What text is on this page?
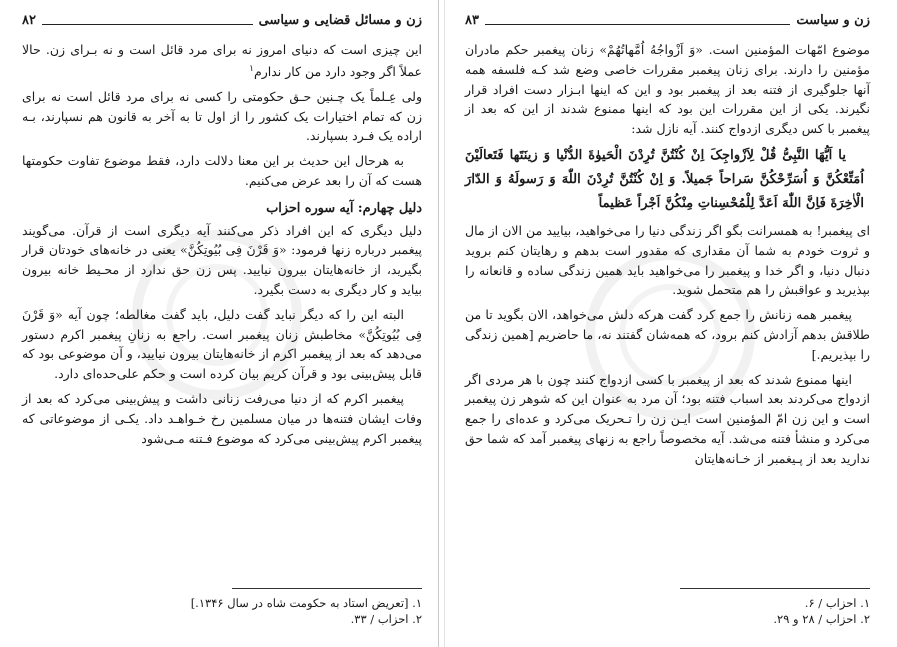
زن و مسائل قضایی و سیاسی
۸۲

این چیزی است که دنیای امروز نه برای مرد قائل است و نه بـرای زن. حالا عملاً اگر وجود دارد من کار ندارم$^۱$

ولی عِـلماً یک چـنین حـق حکومتی را کسی نه برای مرد قائل است نه برای زن که تمام اختیارات یک کشور را از اول تا به آخر به قانون هم نسپارند، بـه اراده یک فـرد بسپارند.

به هرحال این حدیث بر این معنا دلالت دارد، فقط موضوع تفاوت حکومتها هست که آن را بعد عرض می‌کنیم.

دلیل چهارم: آیه سوره احزاب

دلیل دیگری که این افراد ذکر می‌کنند آیه دیگری است از قرآن. می‌گویند پیغمبر درباره زنها فرمود: «وَ قَرْنَ فِی بُیُوتِکُنَّ» یعنی در خانه‌های خودتان قرار بگیرید، از خانه‌هایتان بیرون نیایید. پس زن حق ندارد از محـیط خانه بیرون بیاید و کار دیگری به دست بگیرد.

البته این را که دیگر نباید گفت دلیل، باید گفت مغالطه؛ چون آیه «وَ قَرْنَ فِی بُیُوتِکُنَّ» مخاطبش زنان پیغمبر است. راجع به زنانِ پیغمبر اکرم دستور می‌دهد که بعد از پیغمبر اکرم از خانه‌هایتان بیرون نیایید، و آن موضوعی بود که قابل پیش‌بینی بود و قرآن کریم بیان کرده است و حکم علی‌حده‌ای دارد.

پیغمبر اکرم که از دنیا می‌رفت زنانی داشت و پیش‌بینی می‌کرد که بعد از وفات ایشان فتنه‌ها در میان مسلمین رخ خـواهـد داد. یکـی از موضوعاتی که پیغمبر اکرم پیش‌بینی می‌کرد که موضوع فـتنه مـی‌شود

۱. [تعریض استاد به حکومت شاه در سال ۱۳۴۶.]
۲. احزاب / ۳۳.
زن و سیاست
۸۳

موضوع امّهات المؤمنین است. «وَ اَزْواجُهُ اُمَّهاتُهُمْ» زنان پیغمبر حکم مادران مؤمنین را دارند. برای زنان پیغمبر مقررات خاصی وضع شد کـه فلسفه همه آنها جلوگیری از فتنه بعد از پیغمبر بود و این که اینها ابـزار دست افراد قرار نگیرند. یکی از این مقررات این بود که اینها ممنوع شدند از این که بعد از پیغمبر با کس دیگری ازدواج کنند. آیه نازل شد:

یا اَیُّهَا النَّبِیُّ قُلْ لِاَزْواجِکَ اِنْ کُنْتُنَّ تُرِدْنَ الْحَیوٰةَ الدُّنْیا وَ زینَتَها فَتَعالَیْنَ اُمَتِّعْکُنَّ وَ اُسَرِّحْکُنَّ سَراحاً جَمیلاً. وَ اِنْ کُنْتُنَّ تُرِدْنَ اللّٰهَ وَ رَسولَهُ وَ الدّارَ الْاٰخِرَةَ فَاِنَّ اللّٰهَ اَعَدَّ لِلْمُحْسِناتِ مِنْکُنَّ اَجْراً عَظیماً

ای پیغمبر! به همسرانت بگو اگر زندگی دنیا را می‌خواهید، بیایید من الان از مال و ثروت خودم به شما آن مقداری که مقدور است بدهم و رهایتان کنم بروید دنبال دنیا، و اگر خدا و پیغمبر را می‌خواهید باید همین زندگی ساده و قانعانه را بپذیرید و عواقبش را هم متحمل شوید.

پیغمبر همه زنانش را جمع کرد گفت هرکه دلش می‌خواهد، الان بگوید تا من طلاقش بدهم آزادش کنم برود، که همه‌شان گفتند نه، ما حاضریم [همین زندگی را بپذیریم.]

اینها ممنوع شدند که بعد از پیغمبر با کسی ازدواج کنند چون با هر مردی اگر ازدواج می‌کردند بعد اسباب فتنه بود؛ آن مرد به عنوان این که شوهر زن پیغمبر است و این زن امّ المؤمنین است ایـن زن را تـحریک می‌کرد و عده‌ای را جمع می‌کرد و منشأ فتنه می‌شد. آیه مخصوصاً راجع به زنهای پیغمبر آمد که شما حق ندارید بعد از پـیغمبر از خـانه‌هایتان

۱. احزاب / ۶.
۲. احزاب / ۲۸ و ۲۹.
